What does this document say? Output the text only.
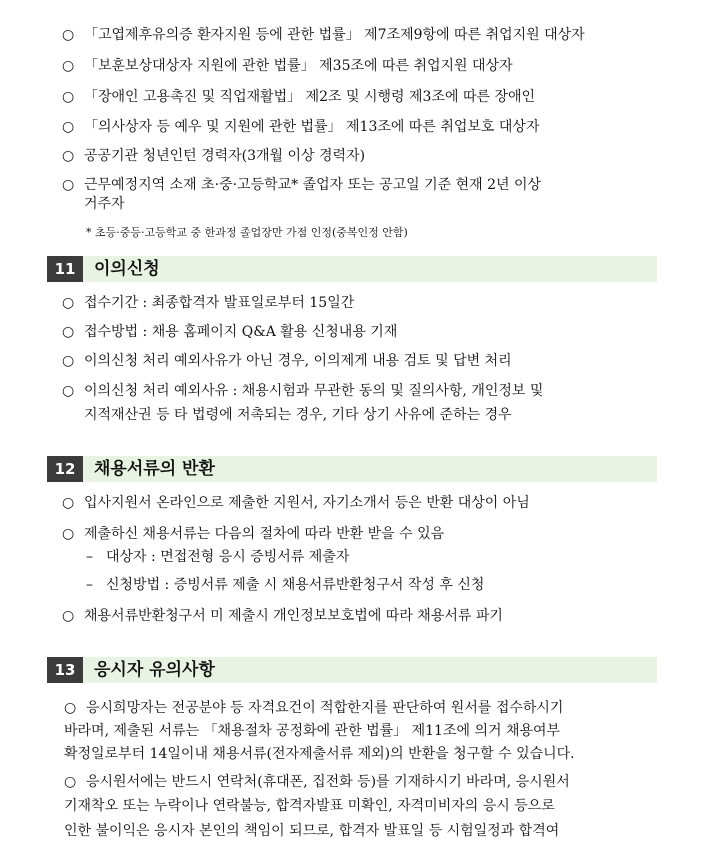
○ 「고엽제후유의증 환자지원 등에 관한 법률」 제7조제9항에 따른 취업지원 대상자
○ 「보훈보상대상자 지원에 관한 법률」 제35조에 따른 취업지원 대상자
○ 「장애인 고용촉진 및 직업재활법」 제2조 및 시행령 제3조에 따른 장애인
○ 「의사상자 등 예우 및 지원에 관한 법률」 제13조에 따른 취업보호 대상자
○ 공공기관 청년인턴 경력자(3개월 이상 경력자)
○ 근무예정지역 소재 초·중·고등학교* 졸업자 또는 공고일 기준 현재 2년 이상
거주자
* 초등·중등·고등학교 중 한과정 졸업장만 가점 인정(중복인정 안함)
11	이의신청
○ 접수기간 : 최종합격자 발표일로부터 15일간
○ 접수방법 : 채용 홈페이지 Q&A 활용 신청내용 기재
○ 이의신청 처리 예외사유가 아닌 경우, 이의제게 내용 검토 및 답변 처리
○ 이의신청 처리 예외사유 : 채용시험과 무관한 동의 및 질의사항, 개인정보 및
지적재산권 등 타 법령에 저촉되는 경우, 기타 상기 사유에 준하는 경우
12	채용서류의 반환
○ 입사지원서 온라인으로 제출한 지원서, 자기소개서 등은 반환 대상이 아님
○ 제출하신 채용서류는 다음의 절차에 따라 반환 받을 수 있음
– 대상자 : 면접전형 응시 증빙서류 제출자
– 신청방법 : 증빙서류 제출 시 채용서류반환청구서 작성 후 신청
○ 채용서류반환청구서 미 제출시 개인정보보호법에 따라 채용서류 파기
13	응시자 유의사항
○ 응시희망자는 전공분야 등 자격요건이 적합한지를 판단하여 원서를 접수하시기
바라며, 제출된 서류는 「채용절차 공정화에 관한 법률」 제11조에 의거 채용여부
확정일로부터 14일이내 채용서류(전자제출서류 제외)의 반환을 청구할 수 있습니다.
○ 응시원서에는 반드시 연락처(휴대폰, 집전화 등)를 기재하시기 바라며, 응시원서
기재착오 또는 누락이나 연락불능, 합격자발표 미확인, 자격미비자의 응시 등으로
인한 불이익은 응시자 본인의 책임이 되므로, 합격자 발표일 등 시험일정과 합격여
